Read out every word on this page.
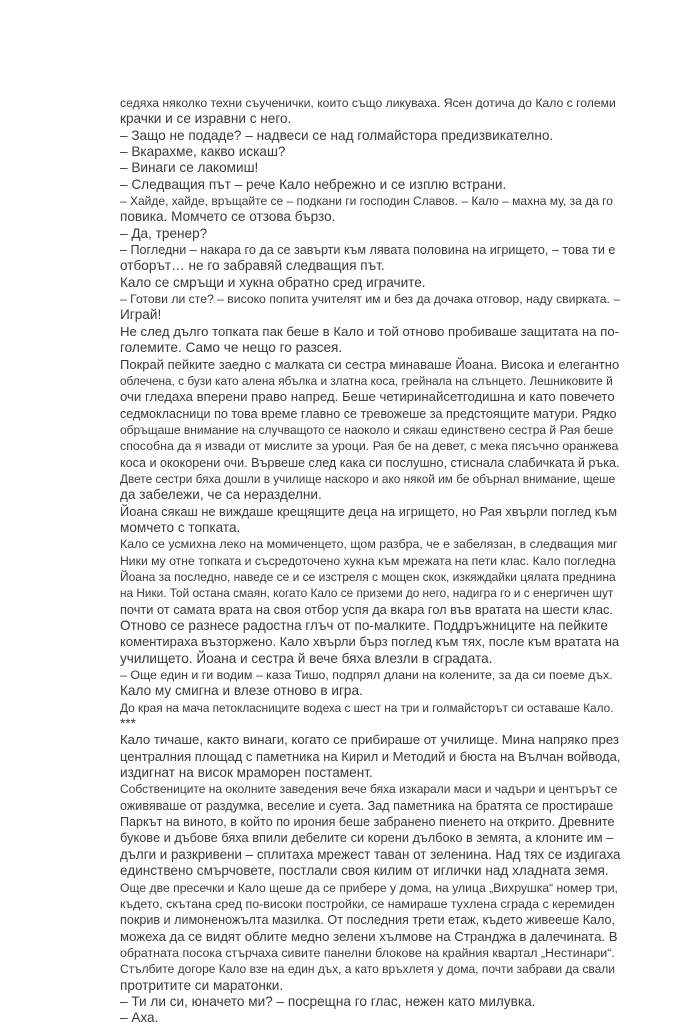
седяха няколко техни съученички, които също ликуваха. Ясен дотича до Кало с големи
крачки и се изравни с него.
– Защо не подаде? – надвеси се над голмайстора предизвикателно.
– Вкарахме, какво искаш?
– Винаги се лакомиш!
– Следващия път – рече Кало небрежно и се изплю встрани.
– Хайде, хайде, връщайте се – подкани ги господин Славов. – Кало – махна му, за да го
повика. Момчето се отзова бързо.
– Да, тренер?
– Погледни – накара го да се завърти към лявата половина на игрището, – това ти е
отборът… не го забравяй следващия път.
Кало се смръщи и хукна обратно сред играчите.
– Готови ли сте? – високо попита учителят им и без да дочака отговор, наду свирката. –
Играй!
Не след дълго топката пак беше в Кало и той отново пробиваше защитата на по-
големите. Само че нещо го разсея.
Покрай пейките заедно с малката си сестра минаваше Йоана. Висока и елегантно
облечена, с бузи като алена ябълка и златна коса, грейнала на слънцето. Лешниковите й
очи гледаха вперени право напред. Беше четиринайсетгодишна и като повечето
седмокласници по това време главно се тревожеше за предстоящите матури. Рядко
обръщаше внимание на случващото се наоколо и сякаш единствено сестра й Рая беше
способна да я извади от мислите за уроци. Рая бе на девет, с мека пясъчно оранжева
коса и ококорени очи. Вървеше след кака си послушно, стиснала слабичката й ръка.
Двете сестри бяха дошли в училище наскоро и ако някой им бе обърнал внимание, щеше
да забележи, че са неразделни.
Йоана сякаш не виждаше крещящите деца на игрището, но Рая хвърли поглед към
момчето с топката.
Кало се усмихна леко на момиченцето, щом разбра, че е забелязан, в следващия миг
Ники му отне топката и съсредоточено хукна към мрежата на пети клас. Кало погледна
Йоана за последно, наведе се и се изстреля с мощен скок, изкяждайки цялата преднина
на Ники. Той остана смаян, когато Кало се приземи до него, надигра го и с енергичен шут
почти от самата врата на своя отбор успя да вкара гол във вратата на шести клас.
Отново се разнесе радостна глъч от по-малките. Поддръжниците на пейките
коментираха възторжено. Кало хвърли бърз поглед към тях, после към вратата на
училището. Йоана и сестра й вече бяха влезли в сградата.
– Още един и ги водим – каза Тишо, подпрял длани на колените, за да си поеме дъх.
Кало му смигна и влезе отново в игра.
До края на мача петокласниците водеха с шест на три и голмайсторът си оставаше Кало.
***
Кало тичаше, както винаги, когато се прибираше от училище. Мина напряко през
централния площад с паметника на Кирил и Методий и бюста на Вълчан войвода,
издигнат на висок мраморен постамент.
Собствениците на околните заведения вече бяха изкарали маси и чадъри и центърът се
оживяваше от раздумка, веселие и суета. Зад паметника на братята се простираше
Паркът на виното, в който по ирония беше забранено пиенето на открито. Древните
букове и дъбове бяха впили дебелите си корени дълбоко в земята, а клоните им –
дълги и разкривени – сплитаха мрежест таван от зеленина. Над тях се издигаха
единствено смърчовете, постлали своя килим от иглички над хладната земя.
Още две пресечки и Кало щеше да се прибере у дома, на улица „Вихрушка“ номер три,
където, скътана сред по-високи постройки, се намираше тухлена сграда с керемиден
покрив и лимоненожълта мазилка. От последния трети етаж, където живееше Кало,
можеха да се видят облите медно зелени хълмове на Странджа в далечината. В
обратната посока стърчаха сивите панелни блокове на крайния квартал „Нестинари“.
Стълбите догоре Кало взе на един дъх, а като връхлетя у дома, почти забрави да свали
протритите си маратонки.
– Ти ли си, юначето ми? – посрещна го глас, нежен като милувка.
– Аха.
